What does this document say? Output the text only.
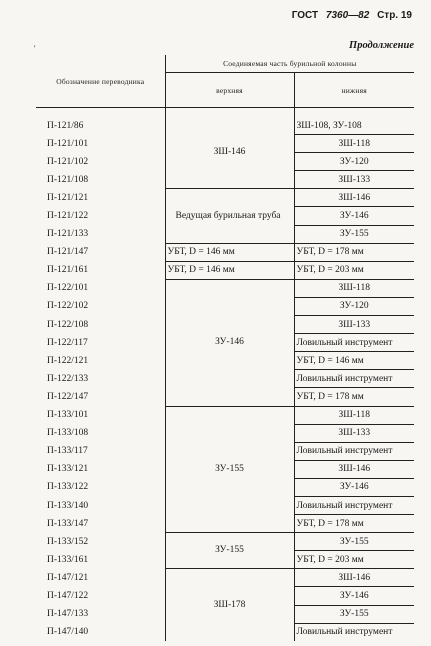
ГОСТ 7360—82 Стр. 19
'	Продолжение
Обозначение переводника	Соединяемая часть бурильной колонны	
	верхняя	нижняя

П-121/86	ЗШ-146	ЗШ-108, ЗУ-108
П-121/101		ЗШ-118
П-121/102		ЗУ-120
П-121/108		ЗШ-133
П-121/121	Ведущая бурильная труба	ЗШ-146
П-121/122		ЗУ-146
П-121/133		ЗУ-155
П-121/147	УБТ, D = 146 мм	УБТ, D = 178 мм
П-121/161	УБТ, D = 146 мм	УБТ, D = 203 мм
П-122/101	ЗУ-146	ЗШ-118
П-122/102		ЗУ-120
П-122/108		ЗШ-133
П-122/117		Ловильный инструмент
П-122/121		УБТ, D = 146 мм
П-122/133		Ловильный инструмент
П-122/147		УБТ, D = 178 мм
П-133/101	ЗУ-155	ЗШ-118
П-133/108		ЗШ-133
П-133/117		Ловильный инструмент
П-133/121		ЗШ-146
П-133/122		ЗУ-146
П-133/140		Ловильный инструмент
П-133/147		УБТ, D = 178 мм
П-133/152	ЗУ-155	ЗУ-155
П-133/161		УБТ, D = 203 мм
П-147/121	ЗШ-178	ЗШ-146
П-147/122		ЗУ-146
П-147/133		ЗУ-155
П-147/140		Ловильный инструмент
